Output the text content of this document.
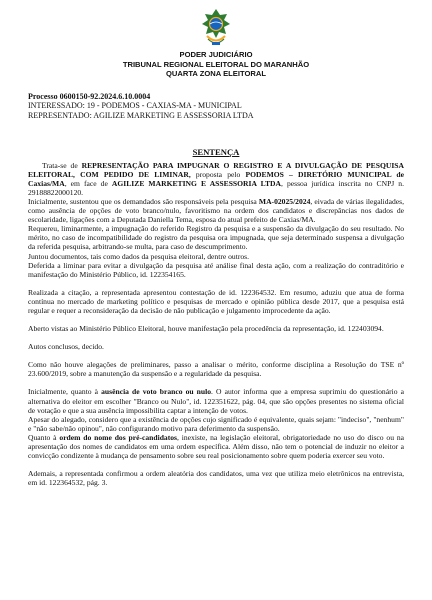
PODER JUDICIÁRIO
TRIBUNAL REGIONAL ELEITORAL DO MARANHÃO
QUARTA ZONA ELEITORAL
Processo 0600150-92.2024.6.10.0004
INTERESSADO: 19 - PODEMOS - CAXIAS-MA - MUNICIPAL
REPRESENTADO: AGILIZE MARKETING E ASSESSORIA LTDA
SENTENÇA

Trata-se de REPRESENTAÇÃO PARA IMPUGNAR O REGISTRO E A DIVULGAÇÃO DE PESQUISA ELEITORAL, COM PEDIDO DE LIMINAR, proposta pelo PODEMOS – DIRETÓRIO MUNICIPAL de Caxias/MA, em face de AGILIZE MARKETING E ASSESSORIA LTDA, pessoa jurídica inscrita no CNPJ n. 29188822000120.

Inicialmente, sustentou que os demandados são responsáveis pela pesquisa MA-02025/2024, eivada de várias ilegalidades, como ausência de opções de voto branco/nulo, favoritismo na ordem dos candidatos e discrepâncias nos dados de escolaridade, ligações com a Deputada Daniella Tema, esposa do atual prefeito de Caxias/MA.

Requereu, liminarmente, a impugnação do referido Registro da pesquisa e a suspensão da divulgação do seu resultado. No mérito, no caso de incompatibilidade do registro da pesquisa ora impugnada, que seja determinado suspensa a divulgação da referida pesquisa, arbitrando-se multa, para caso de descumprimento.

Juntou documentos, tais como dados da pesquisa eleitoral, dentre outros.

Deferida a liminar para evitar a divulgação da pesquisa até análise final desta ação, com a realização do contraditório e manifestação do Ministério Público, id. 122354165.

Realizada a citação, a representada apresentou contestação de id. 122364532. Em resumo, aduziu que atua de forma contínua no mercado de marketing político e pesquisas de mercado e opinião pública desde 2017, que a pesquisa está regular e requer a reconsideração da decisão de não publicação e julgamento improcedente da ação.

Aberto vistas ao Ministério Público Eleitoral, houve manifestação pela procedência da representação, id. 122403094.

Autos conclusos, decido.

Como não houve alegações de preliminares, passo a analisar o mérito, conforme disciplina a Resolução do TSE nº 23.600/2019, sobre a manutenção da suspensão e a regularidade da pesquisa.

Inicialmente, quanto à ausência de voto branco ou nulo. O autor informa que a empresa suprimiu do questionário a alternativa do eleitor em escolher "Branco ou Nulo", id. 122351622, pág. 04, que são opções presentes no sistema oficial de votação e que a sua ausência impossibilita captar a intenção de votos.

Apesar do alegado, considero que a existência de opções cujo significado é equivalente, quais sejam: "indeciso", "nenhum" e "não sabe/não opinou", não configurando motivo para deferimento da suspensão.

Quanto à ordem do nome dos pré-candidatos, inexiste, na legislação eleitoral, obrigatoriedade no uso do disco ou na apresentação dos nomes de candidatos em uma ordem específica. Além disso, não tem o potencial de induzir no eleitor a convicção condizente à mudança de pensamento sobre seu real posicionamento sobre quem poderia exercer seu voto.

Ademais, a representada confirmou a ordem aleatória dos candidatos, uma vez que utiliza meio eletrônicos na entrevista, em id. 122364532, pág. 3.
